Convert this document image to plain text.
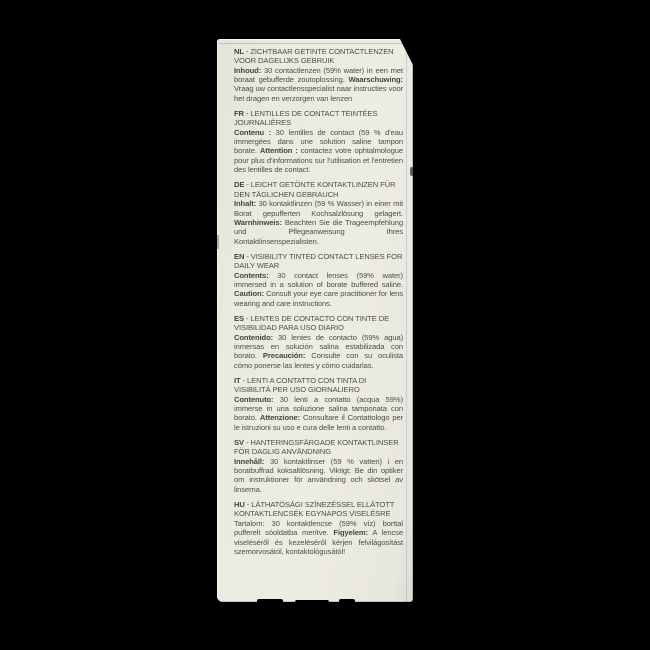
NL - ZICHTBAAR GETINTE CONTACTLENZEN VOOR DAGELIJKS GEBRUIK
Inhoud: 30 contactlenzen (59% water) in een met boraat gebufferde zoutoplossing. Waarschuwing: Vraag uw contactlensspecialist naar instructies voor het dragen en verzorgen van lenzen
FR - LENTILLES DE CONTACT TEINTÉES JOURNALIÈRES
Contenu : 30 lentilles de contact (59 % d'eau immergées dans une solution saline tampon borate. Attention : contactez votre ophtalmologue pour plus d'informations sur l'utilisation et l'entretien des lentilles de contact.
DE - LEICHT GETÖNTE KONTAKTLINZEN FÜR DEN TÄGLICHEN GEBRAUCH
Inhalt: 30 kontaktlinzen (59 % Wasser) in einer mit Borat gepufferten Kochsalzlösung gelagert. Warnhinweis: Beachten Sie die Trageempfehlung und Pflegeanweisung Ihres Kontaktlinsenspezialisten.
EN - VISIBILITY TINTED CONTACT LENSES FOR DAILY WEAR
Contents: 30 contact lenses (59% water) immersed in a solution of borate buffered saline. Caution: Consult your eye care practitioner for lens wearing and care instructions.
ES - LENTES DE CONTACTO CON TINTE DE VISIBILIDAD PARA USO DIARIO
Contenido: 30 lentes de contacto (59% agua) inmersas en solución salina estabilizada con borato. Precaución: Consulte con su oculista cómo ponerse las lentes y cómo cuidarlas.
IT - LENTI A CONTATTO CON TINTA DI VISIBILITÀ PER USO GIORNALIERO
Contenuto: 30 lenti a contatto (acqua 59%) immerse in una soluzione salina tamponata con borato. Attenzione: Consultare il Contattologo per le istruzioni su uso e cura delle lenti a contatto.
SV - HANTERINGSFÄRGADE KONTAKTLINSER FÖR DAGLIG ANVÄNDNING
Innehåll: 30 kontaktlinser (59 % vatten) i en boratbuffrad koksaltlösning. Viktigt: Be din optiker om instruktioner för användning och skötsel av linserna.
HU - LÁTHATÓSÁGI SZÍNEZÉSSEL ELLÁTOTT KONTAKTLENCSÉK EGYNAPOS VISELÉSRE
Tartalom: 30 kontaktlencse (59% víz) borttal pufferelt sóoldatba merítve. Figyelem: A lencse viseléséről és kezeléséről kérjen felvilágosítást szemorvosától, kontaktológusától!
